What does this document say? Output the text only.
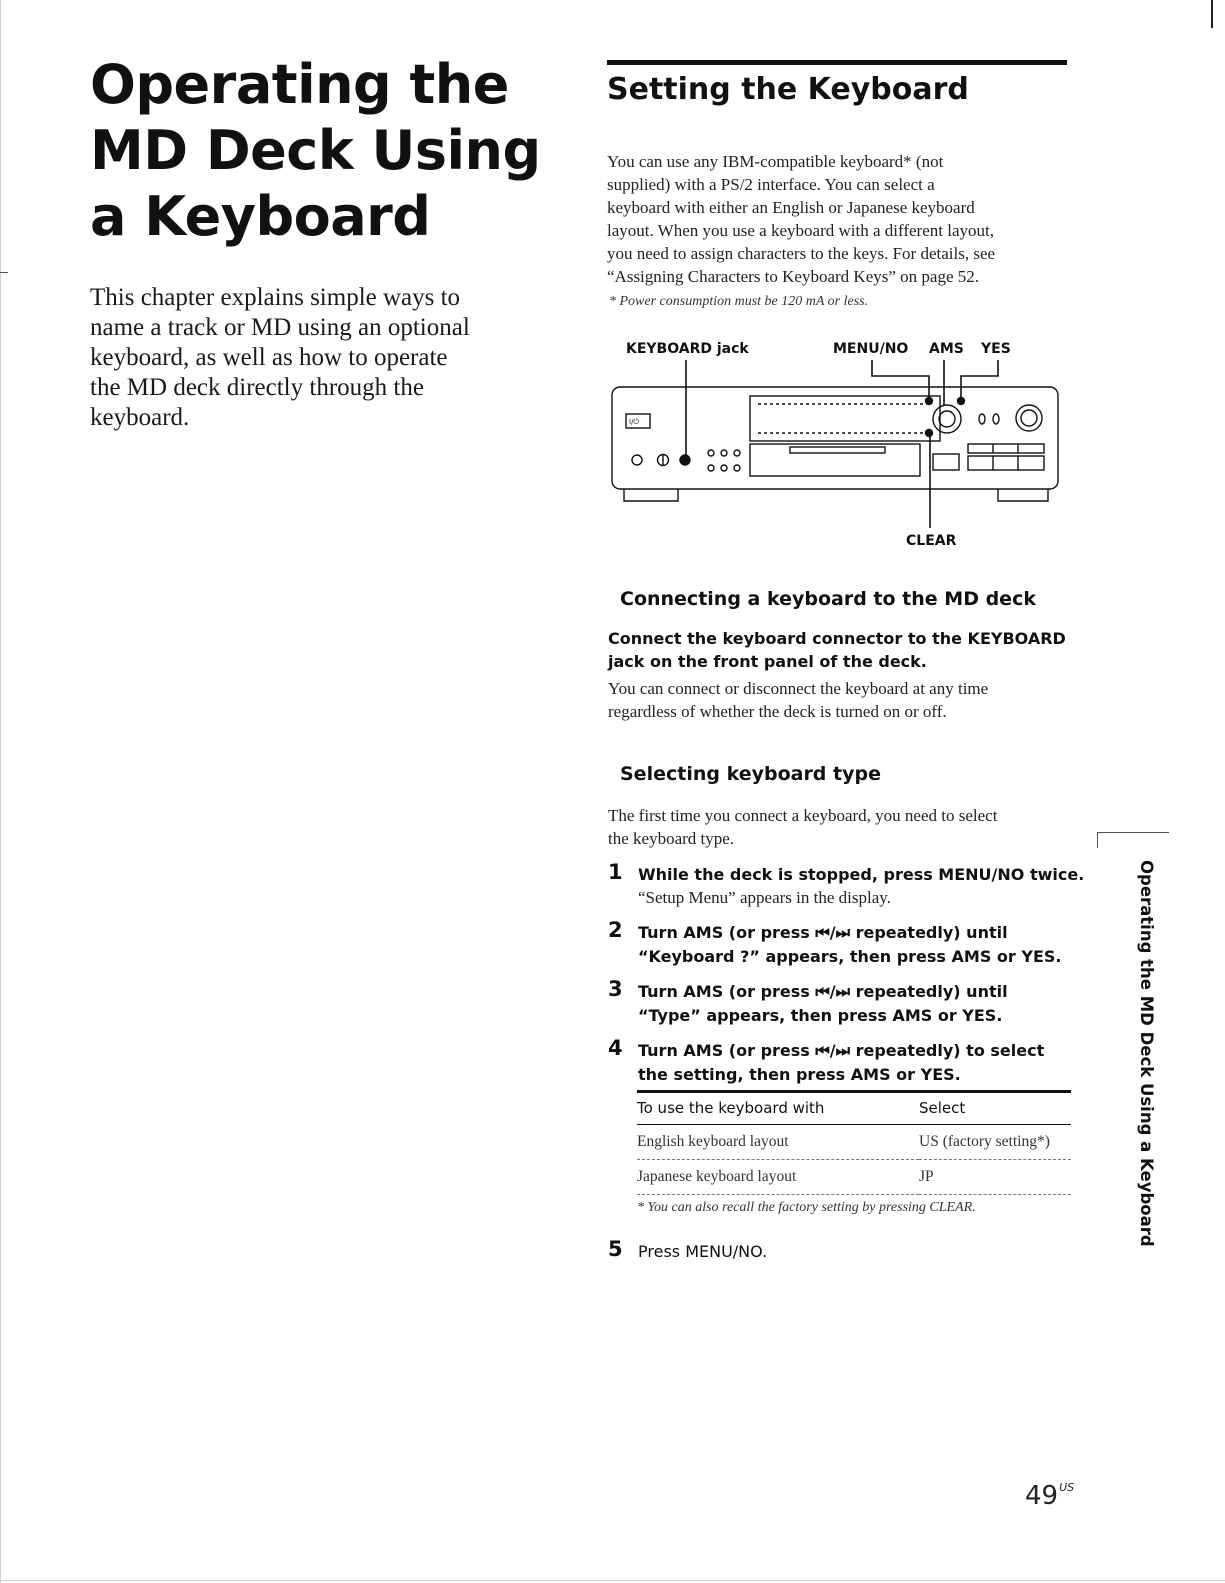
Operating the
MD Deck Using
a Keyboard
This chapter explains simple ways to
name a track or MD using an optional
keyboard, as well as how to operate
the MD deck directly through the
keyboard.
Setting the Keyboard
You can use any IBM-compatible keyboard* (not
supplied) with a PS/2 interface. You can select a
keyboard with either an English or Japanese keyboard
layout. When you use a keyboard with a different layout,
you need to assign characters to the keys. For details, see
“Assigning Characters to Keyboard Keys” on page 52.
* Power consumption must be 120 mA or less.
KEYBOARD jack	MENU/NO AMS YES
CLEAR
I/⏻
Connecting a keyboard to the MD deck
Connect the keyboard connector to the KEYBOARD
jack on the front panel of the deck.
You can connect or disconnect the keyboard at any time
regardless of whether the deck is turned on or off.
Selecting keyboard type
The first time you connect a keyboard, you need to select
the keyboard type.
1 While the deck is stopped, press MENU/NO twice.
“Setup Menu” appears in the display.
2 Turn AMS (or press ⏮/⏭ repeatedly) until
“Keyboard ?” appears, then press AMS or YES.
3 Turn AMS (or press ⏮/⏭ repeatedly) until
“Type” appears, then press AMS or YES.
4 Turn AMS (or press ⏮/⏭ repeatedly) to select
the setting, then press AMS or YES.
To use the keyboard with	Select
English keyboard layout	US (factory setting*)
Japanese keyboard layout	JP
* You can also recall the factory setting by pressing CLEAR.
5 Press MENU/NO.
Operating the MD Deck Using a Keyboard
$49^{US}$
